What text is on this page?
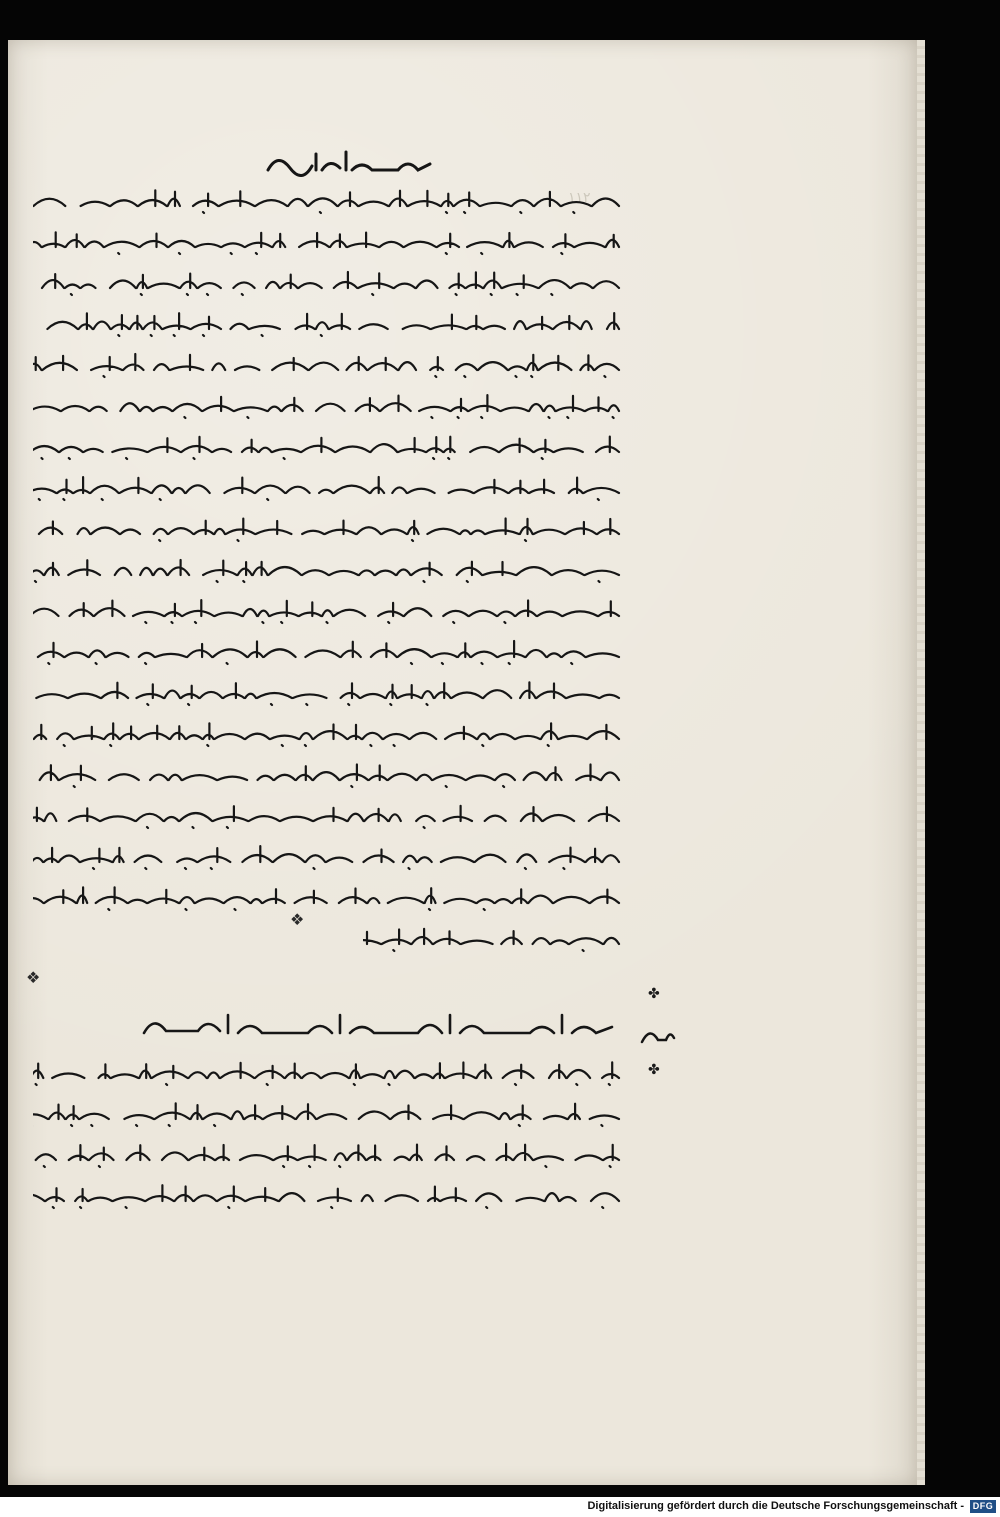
١١٢
❖
❖
✤
✤
Digitalisierung gefördert durch die Deutsche Forschungsgemeinschaft - DFG
